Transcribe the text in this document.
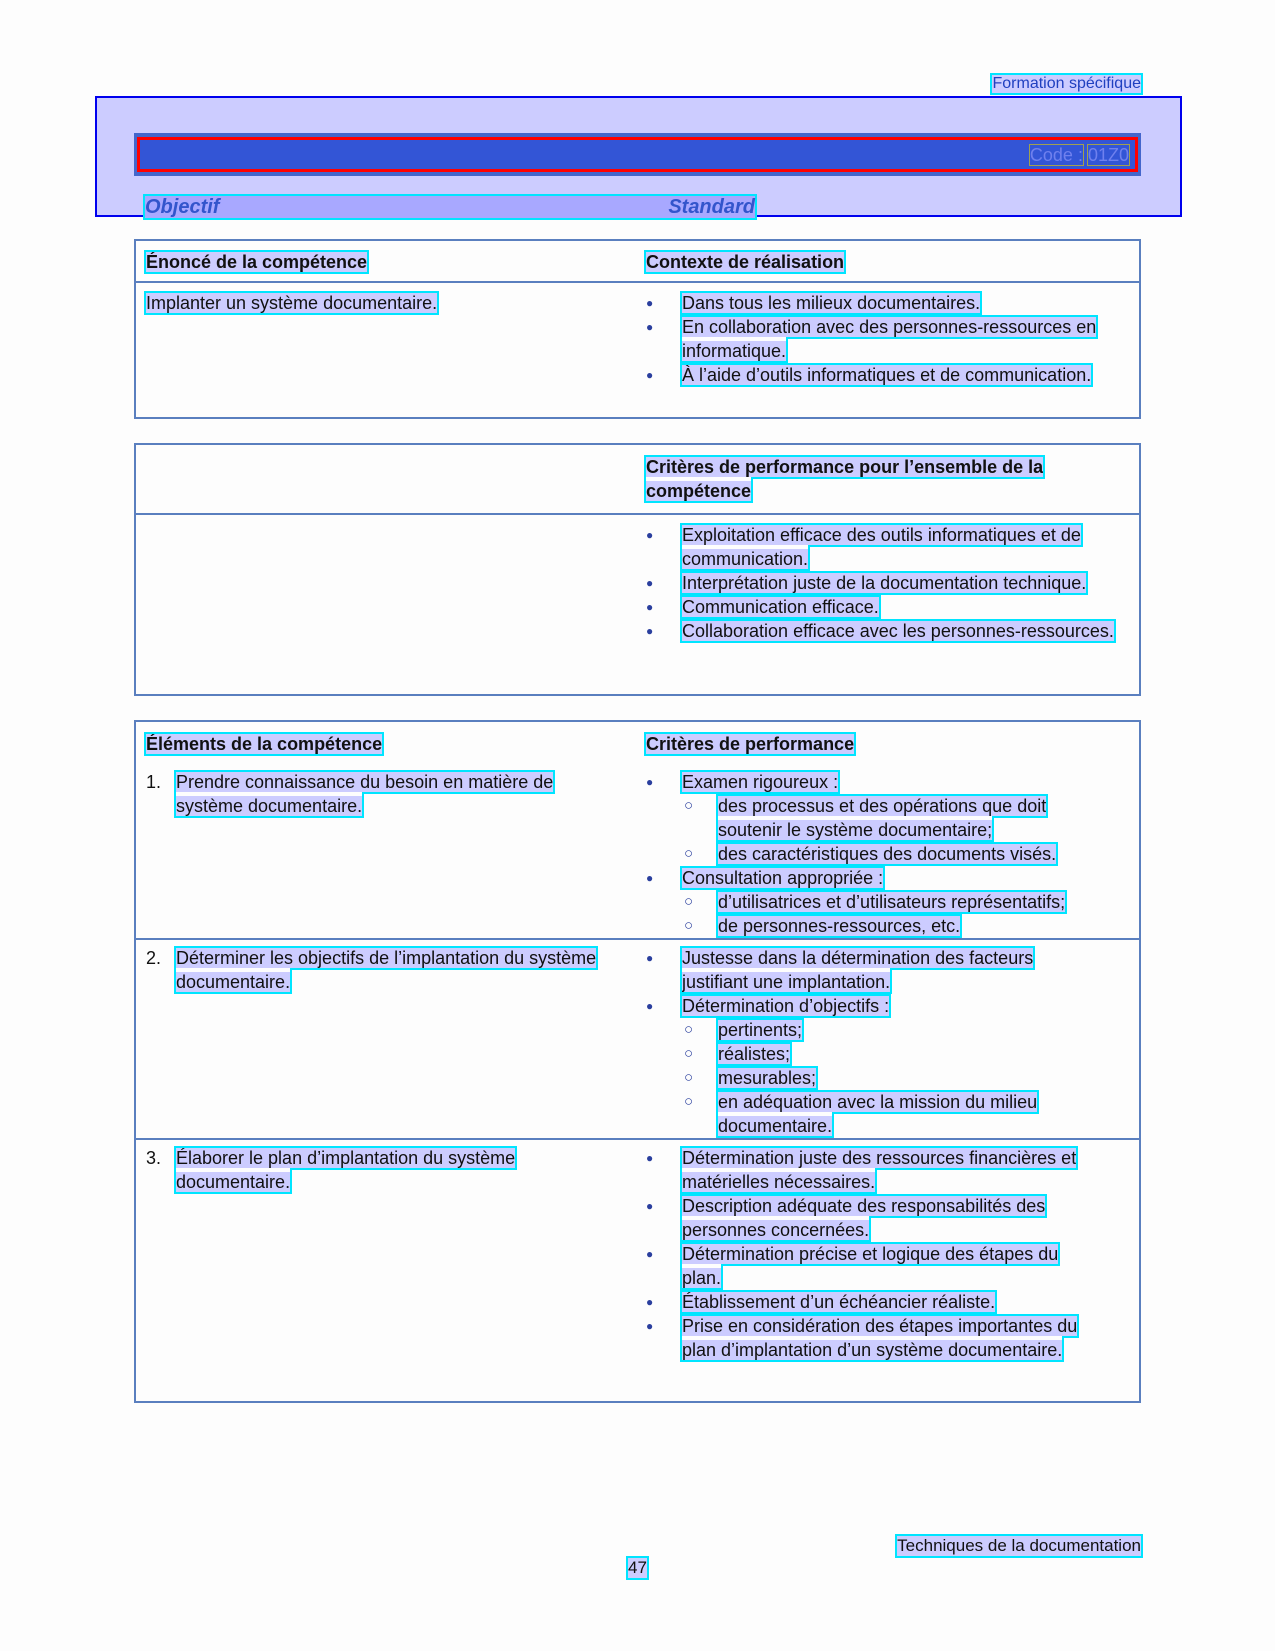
Formation spécifique
Code : 01Z0
Objectif	Standard
Énoncé de la compétence	Contexte de réalisation
Implanter un système documentaire.	● Dans tous les milieux documentaires.
● En collaboration avec des personnes-ressources en informatique.
● À l’aide d’outils informatiques et de communication.
Critères de performance pour l’ensemble de la compétence
● Exploitation efficace des outils informatiques et de communication.
● Interprétation juste de la documentation technique.
● Communication efficace.
● Collaboration efficace avec les personnes-ressources.
Éléments de la compétence	Critères de performance
1. Prendre connaissance du besoin en matière de système documentaire.
● Examen rigoureux :
○ des processus et des opérations que doit soutenir le système documentaire;
○ des caractéristiques des documents visés.
● Consultation appropriée :
○ d’utilisatrices et d’utilisateurs représentatifs;
○ de personnes-ressources, etc.
2. Déterminer les objectifs de l’implantation du système documentaire.
● Justesse dans la détermination des facteurs justifiant une implantation.
● Détermination d’objectifs :
○ pertinents;
○ réalistes;
○ mesurables;
○ en adéquation avec la mission du milieu documentaire.
3. Élaborer le plan d’implantation du système documentaire.
● Détermination juste des ressources financières et matérielles nécessaires.
● Description adéquate des responsabilités des personnes concernées.
● Détermination précise et logique des étapes du plan.
● Établissement d’un échéancier réaliste.
● Prise en considération des étapes importantes du plan d’implantation d’un système documentaire.
Techniques de la documentation
47
